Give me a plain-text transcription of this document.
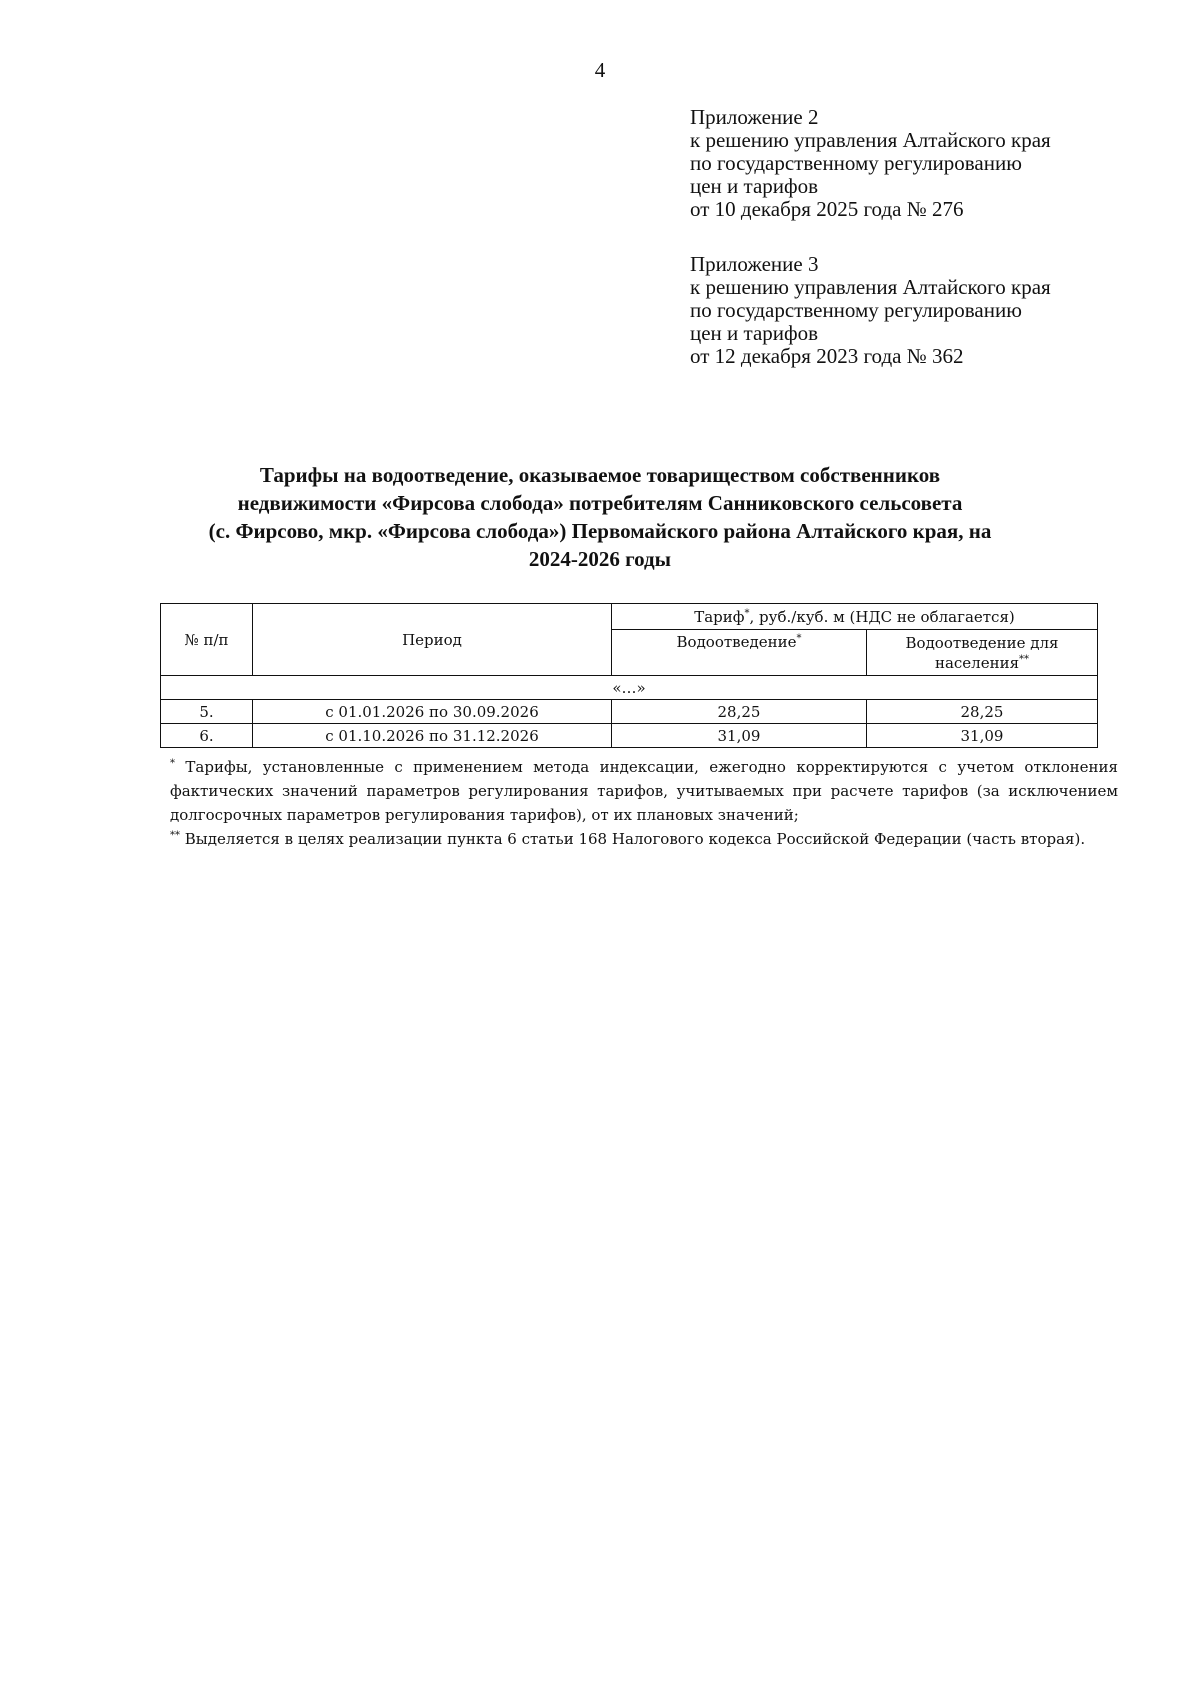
4
Приложение 2
к решению управления Алтайского края
по государственному регулированию
цен и тарифов
от 10 декабря 2025 года № 276
Приложение 3
к решению управления Алтайского края
по государственному регулированию
цен и тарифов
от 12 декабря 2023 года № 362
Тарифы на водоотведение, оказываемое товариществом собственников
недвижимости «Фирсова слобода» потребителям Санниковского сельсовета
(с. Фирсово, мкр. «Фирсова слобода») Первомайского района Алтайского края, на
2024-2026 годы
№ п/п	Период	Тариф*, руб./куб. м (НДС не облагается)	
		Водоотведение*	Водоотведение для населения**
«…»			
5.	с 01.01.2026 по 30.09.2026	28,25	28,25
6.	с 01.10.2026 по 31.12.2026	31,09	31,09

* Тарифы, установленные с применением метода индексации, ежегодно корректируются с учетом отклонения фактических значений параметров регулирования тарифов, учитываемых при расчете тарифов (за исключением долгосрочных параметров регулирования тарифов), от их плановых значений;

** Выделяется в целях реализации пункта 6 статьи 168 Налогового кодекса Российской Федерации (часть вторая).
